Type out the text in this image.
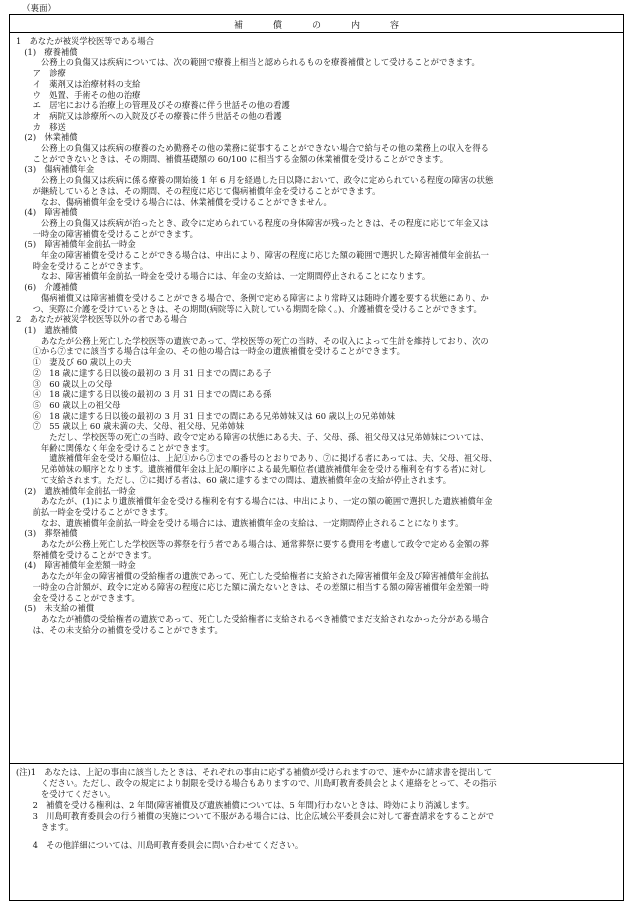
（裏面）
補償の内容
1　あなたが被災学校医等である場合
　(1)　療養補償
　　　公務上の負傷又は疾病については、次の範囲で療養上相当と認められるものを療養補償として受けることができます。
　　ア　診療
　　イ　薬剤又は治療材料の支給
　　ウ　処置、手術その他の治療
　　エ　居宅における治療上の管理及びその療養に伴う世話その他の看護
　　オ　病院又は診療所への入院及びその療養に伴う世話その他の看護
　　カ　移送
　(2)　休業補償
　　　公務上の負傷又は疾病の療養のため勤務その他の業務に従事することができない場合で給与その他の業務上の収入を得る
　　ことができないときは、その期間、補償基礎額の 60/100 に相当する金額の休業補償を受けることができます。
　(3)　傷病補償年金
　　　公務上の負傷又は疾病に係る療養の開始後 1 年 6 月を経過した日以降において、政令に定められている程度の障害の状態
　　が継続しているときは、その期間、その程度に応じて傷病補償年金を受けることができます。
　　　なお、傷病補償年金を受ける場合には、休業補償を受けることができません。
　(4)　障害補償
　　　公務上の負傷又は疾病が治ったとき、政令に定められている程度の身体障害が残ったときは、その程度に応じて年金又は
　　一時金の障害補償を受けることができます。
　(5)　障害補償年金前払一時金
　　　年金の障害補償を受けることができる場合は、申出により、障害の程度に応じた額の範囲で選択した障害補償年金前払一
　　時金を受けることができます。
　　　なお、障害補償年金前払一時金を受ける場合には、年金の支給は、一定期間停止されることになります。
　(6)　介護補償
　　　傷病補償又は障害補償を受けることができる場合で、条例で定める障害により常時又は随時介護を要する状態にあり、か
　　つ、実際に介護を受けているときは、その期間(病院等に入院している期間を除く。)、介護補償を受けることができます。
2　あなたが被災学校医等以外の者である場合
　(1)　遺族補償
　　　あなたが公務上死亡した学校医等の遺族であって、学校医等の死亡の当時、その収入によって生計を維持しており、次の
　　①から⑦までに該当する場合は年金の、その他の場合は一時金の遺族補償を受けることができます。
　　①　妻及び 60 歳以上の夫
　　②　18 歳に達する日以後の最初の 3 月 31 日までの間にある子
　　③　60 歳以上の父母
　　④　18 歳に達する日以後の最初の 3 月 31 日までの間にある孫
　　⑤　60 歳以上の祖父母
　　⑥　18 歳に達する日以後の最初の 3 月 31 日までの間にある兄弟姉妹又は 60 歳以上の兄弟姉妹
　　⑦　55 歳以上 60 歳未満の夫、父母、祖父母、兄弟姉妹
　　　　ただし、学校医等の死亡の当時、政令で定める障害の状態にある夫、子、父母、孫、祖父母又は兄弟姉妹については、
　　　年齢に関係なく年金を受けることができます。
　　　　遺族補償年金を受ける順位は、上記①から⑦までの番号のとおりであり、⑦に掲げる者にあっては、夫、父母、祖父母、
　　　兄弟姉妹の順序となります。遺族補償年金は上記の順序による最先順位者(遺族補償年金を受ける権利を有する者)に対し
　　　て支給されます。ただし、⑦に掲げる者は、60 歳に達するまでの間は、遺族補償年金の支給が停止されます。
　(2)　遺族補償年金前払一時金
　　　あなたが、(1)により遺族補償年金を受ける権利を有する場合には、申出により、一定の額の範囲で選択した遺族補償年金
　　前払一時金を受けることができます。
　　　なお、遺族補償年金前払一時金を受ける場合には、遺族補償年金の支給は、一定期間停止されることになります。
　(3)　葬祭補償
　　　あなたが公務上死亡した学校医等の葬祭を行う者である場合は、通常葬祭に要する費用を考慮して政令で定める金額の葬
　　祭補償を受けることができます。
　(4)　障害補償年金差額一時金
　　　あなたが年金の障害補償の受給権者の遺族であって、死亡した受給権者に支給された障害補償年金及び障害補償年金前払
　　一時金の合計額が、政令に定める障害の程度に応じた額に満たないときは、その差額に相当する額の障害補償年金差額一時
　　金を受けることができます。
　(5)　未支給の補償
　　　あなたが補償の受給権者の遺族であって、死亡した受給権者に支給されるべき補償でまだ支給されなかった分がある場合
　　は、その未支給分の補償を受けることができます。
(注)1　あなたは、上記の事由に該当したときは、それぞれの事由に応ずる補償が受けられますので、速やかに請求書を提出して
　　　ください。ただし、政令の規定により制限を受ける場合もありますので、川島町教育委員会とよく連絡をとって、その指示
　　　を受けてください。
　　2　補償を受ける権利は、2 年間(障害補償及び遺族補償については、5 年間)行わないときは、時効により消滅します。
　　3　川島町教育委員会の行う補償の実施について不服がある場合には、比企広域公平委員会に対して審査請求をすることがで
　　　きます。
　　4　その他詳細については、川島町教育委員会に問い合わせてください。
